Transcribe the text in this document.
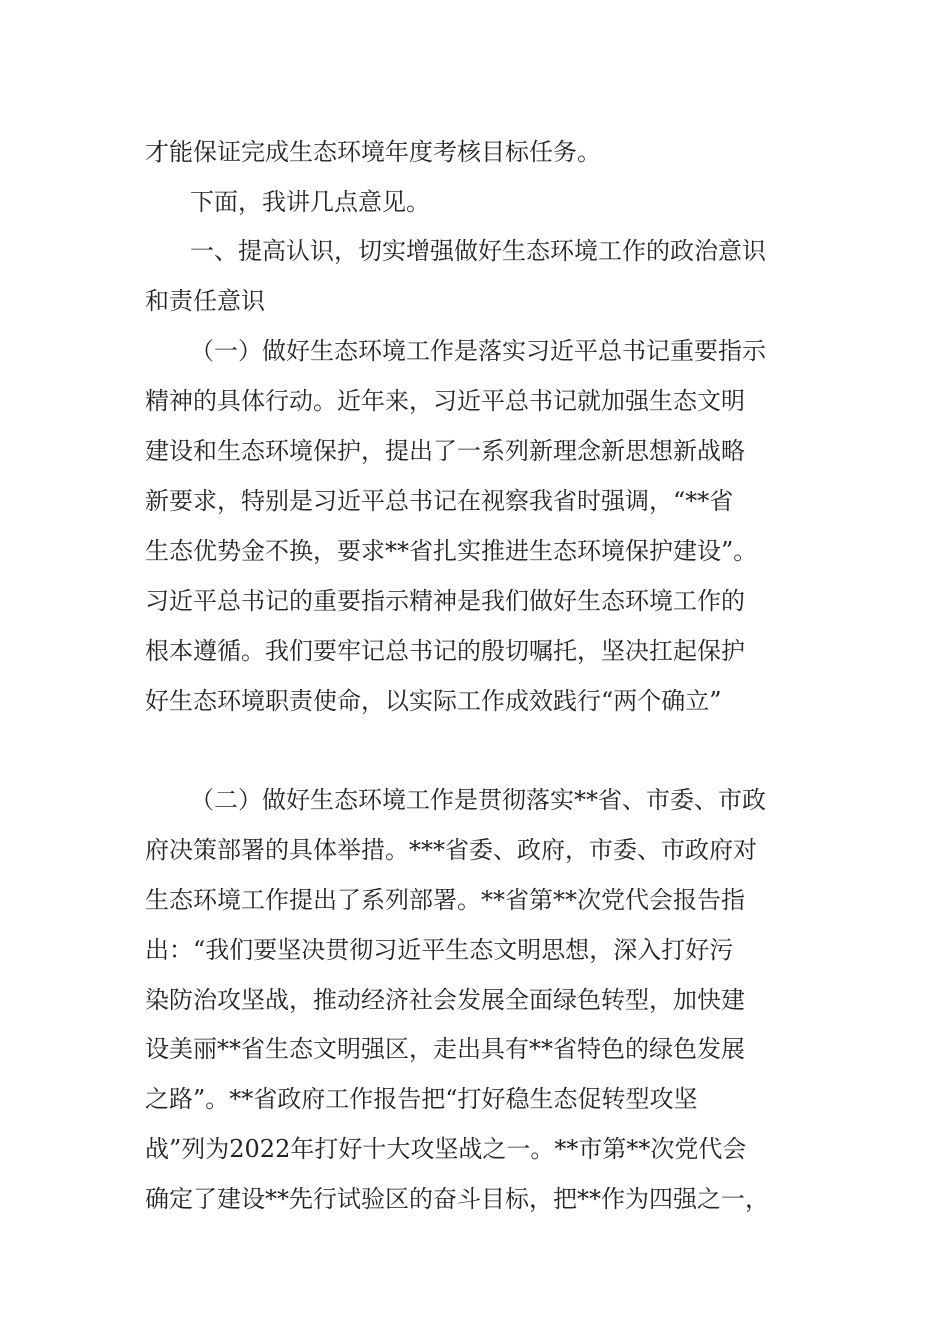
才能保证完成生态环境年度考核目标任务。
下面，我讲几点意见。
一、提高认识，切实增强做好生态环境工作的政治意识
和责任意识
（一）做好生态环境工作是落实习近平总书记重要指示
精神的具体行动。近年来，习近平总书记就加强生态文明
建设和生态环境保护，提出了一系列新理念新思想新战略
新要求，特别是习近平总书记在视察我省时强调，“**省
生态优势金不换，要求**省扎实推进生态环境保护建设”。
习近平总书记的重要指示精神是我们做好生态环境工作的
根本遵循。我们要牢记总书记的殷切嘱托，坚决扛起保护
好生态环境职责使命，以实际工作成效践行“两个确立”
（二）做好生态环境工作是贯彻落实**省、市委、市政
府决策部署的具体举措。***省委、政府，市委、市政府对
生态环境工作提出了系列部署。**省第**次党代会报告指
出：“我们要坚决贯彻习近平生态文明思想，深入打好污
染防治攻坚战，推动经济社会发展全面绿色转型，加快建
设美丽**省生态文明强区，走出具有**省特色的绿色发展
之路”。**省政府工作报告把“打好稳生态促转型攻坚
战”列为2022年打好十大攻坚战之一。**市第**次党代会
确定了建设**先行试验区的奋斗目标，把**作为四强之一，
